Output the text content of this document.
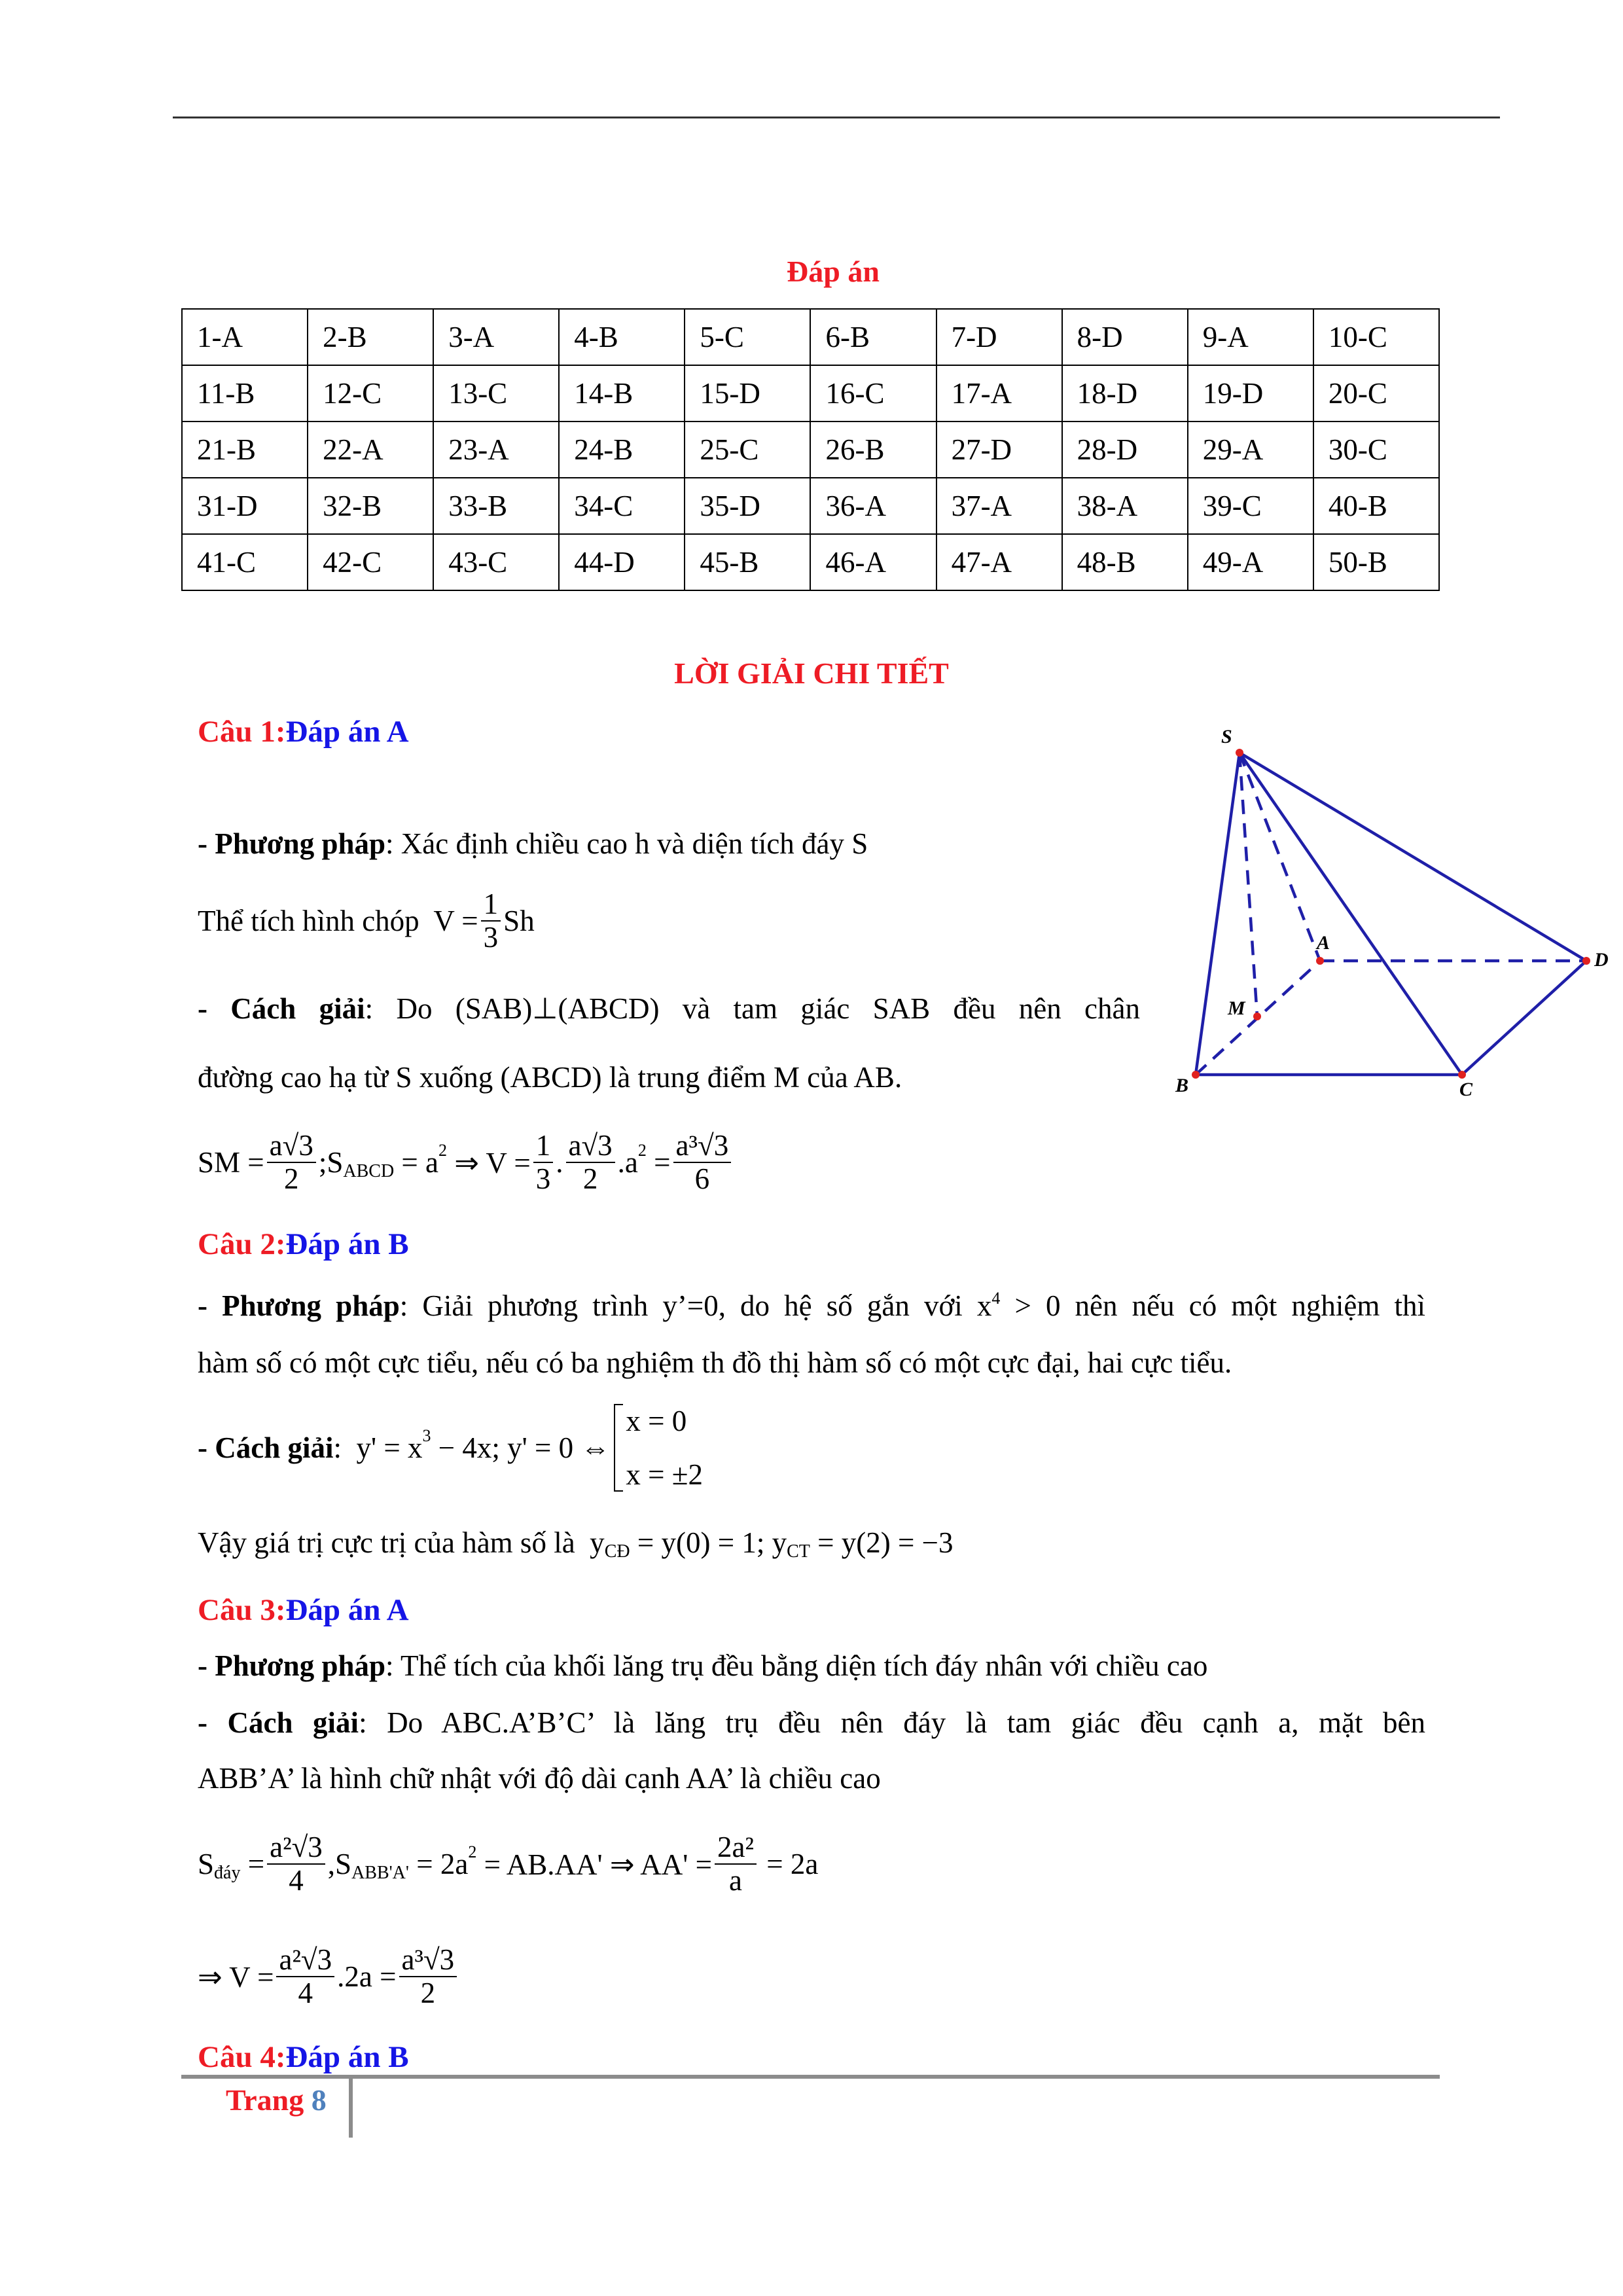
Đáp án
1-A	2-B	3-A	4-B	5-C	6-B	7-D	8-D	9-A	10-C
11-B	12-C	13-C	14-B	15-D	16-C	17-A	18-D	19-D	20-C
21-B	22-A	23-A	24-B	25-C	26-B	27-D	28-D	29-A	30-C
31-D	32-B	33-B	34-C	35-D	36-A	37-A	38-A	39-C	40-B
41-C	42-C	43-C	44-D	45-B	46-A	47-A	48-B	49-A	50-B
LỜI GIẢI CHI TIẾT
Câu 1: Đáp án A
- Phương pháp : Xác định chiều cao h và diện tích đáy S
Thể tích hình chóp  $V = \frac{1}{3}$ Sh
- Cách giải: Do (SAB)⊥(ABCD) và tam giác SAB đều nên chân
đường cao hạ từ S xuống (ABCD) là trung điểm M của AB.
SM = $\frac{a√3}{2}$ $;S_{ABCD} = a^2$ ⇒ $V = \frac{1}{3}$ . $\frac{a√3}{2} .a^2 = \frac{\text{a³√3}}{6}$
S
A
D
M
B	C
Câu 2: Đáp án B
- Phương pháp: Giải phương trình y’=0, do hệ số gắn với $x^4 > 0$ nên nếu có một nghiệm thì
hàm số có một cực tiểu, nếu có ba nghiệm th đồ thị hàm số có một cực đại, hai cực tiểu.
- Cách giải :  $y' = x^3 - 4x$; y' = 0 ⇔
x = 0
x = ±2
Vậy giá trị cực trị của hàm số là  $y_{CĐ} = y(0) = 1$; $y_{CT} = y(2) = -3$
Câu 3: Đáp án A
- Phương pháp : Thể tích của khối lăng trụ đều bằng diện tích đáy nhân với chiều cao
- Cách giải: Do ABC.A’B’C’ là lăng trụ đều nên đáy là tam giác đều cạnh a, mặt bên
ABB’A’ là hình chữ nhật với độ dài cạnh AA’ là chiều cao
$S_{đáy} = \frac{\text{a²√3}}{4} ,S_{ABB'A'} = 2a^2 = AB.AA'$ ⇒ $AA' = \frac{\text{2a²}}{a} = 2a$
⇒ $V = \frac{\text{a²√3}}{4} .2a = \frac{\text{a³√3}}{2}$
Câu 4: Đáp án B
Trang 8
